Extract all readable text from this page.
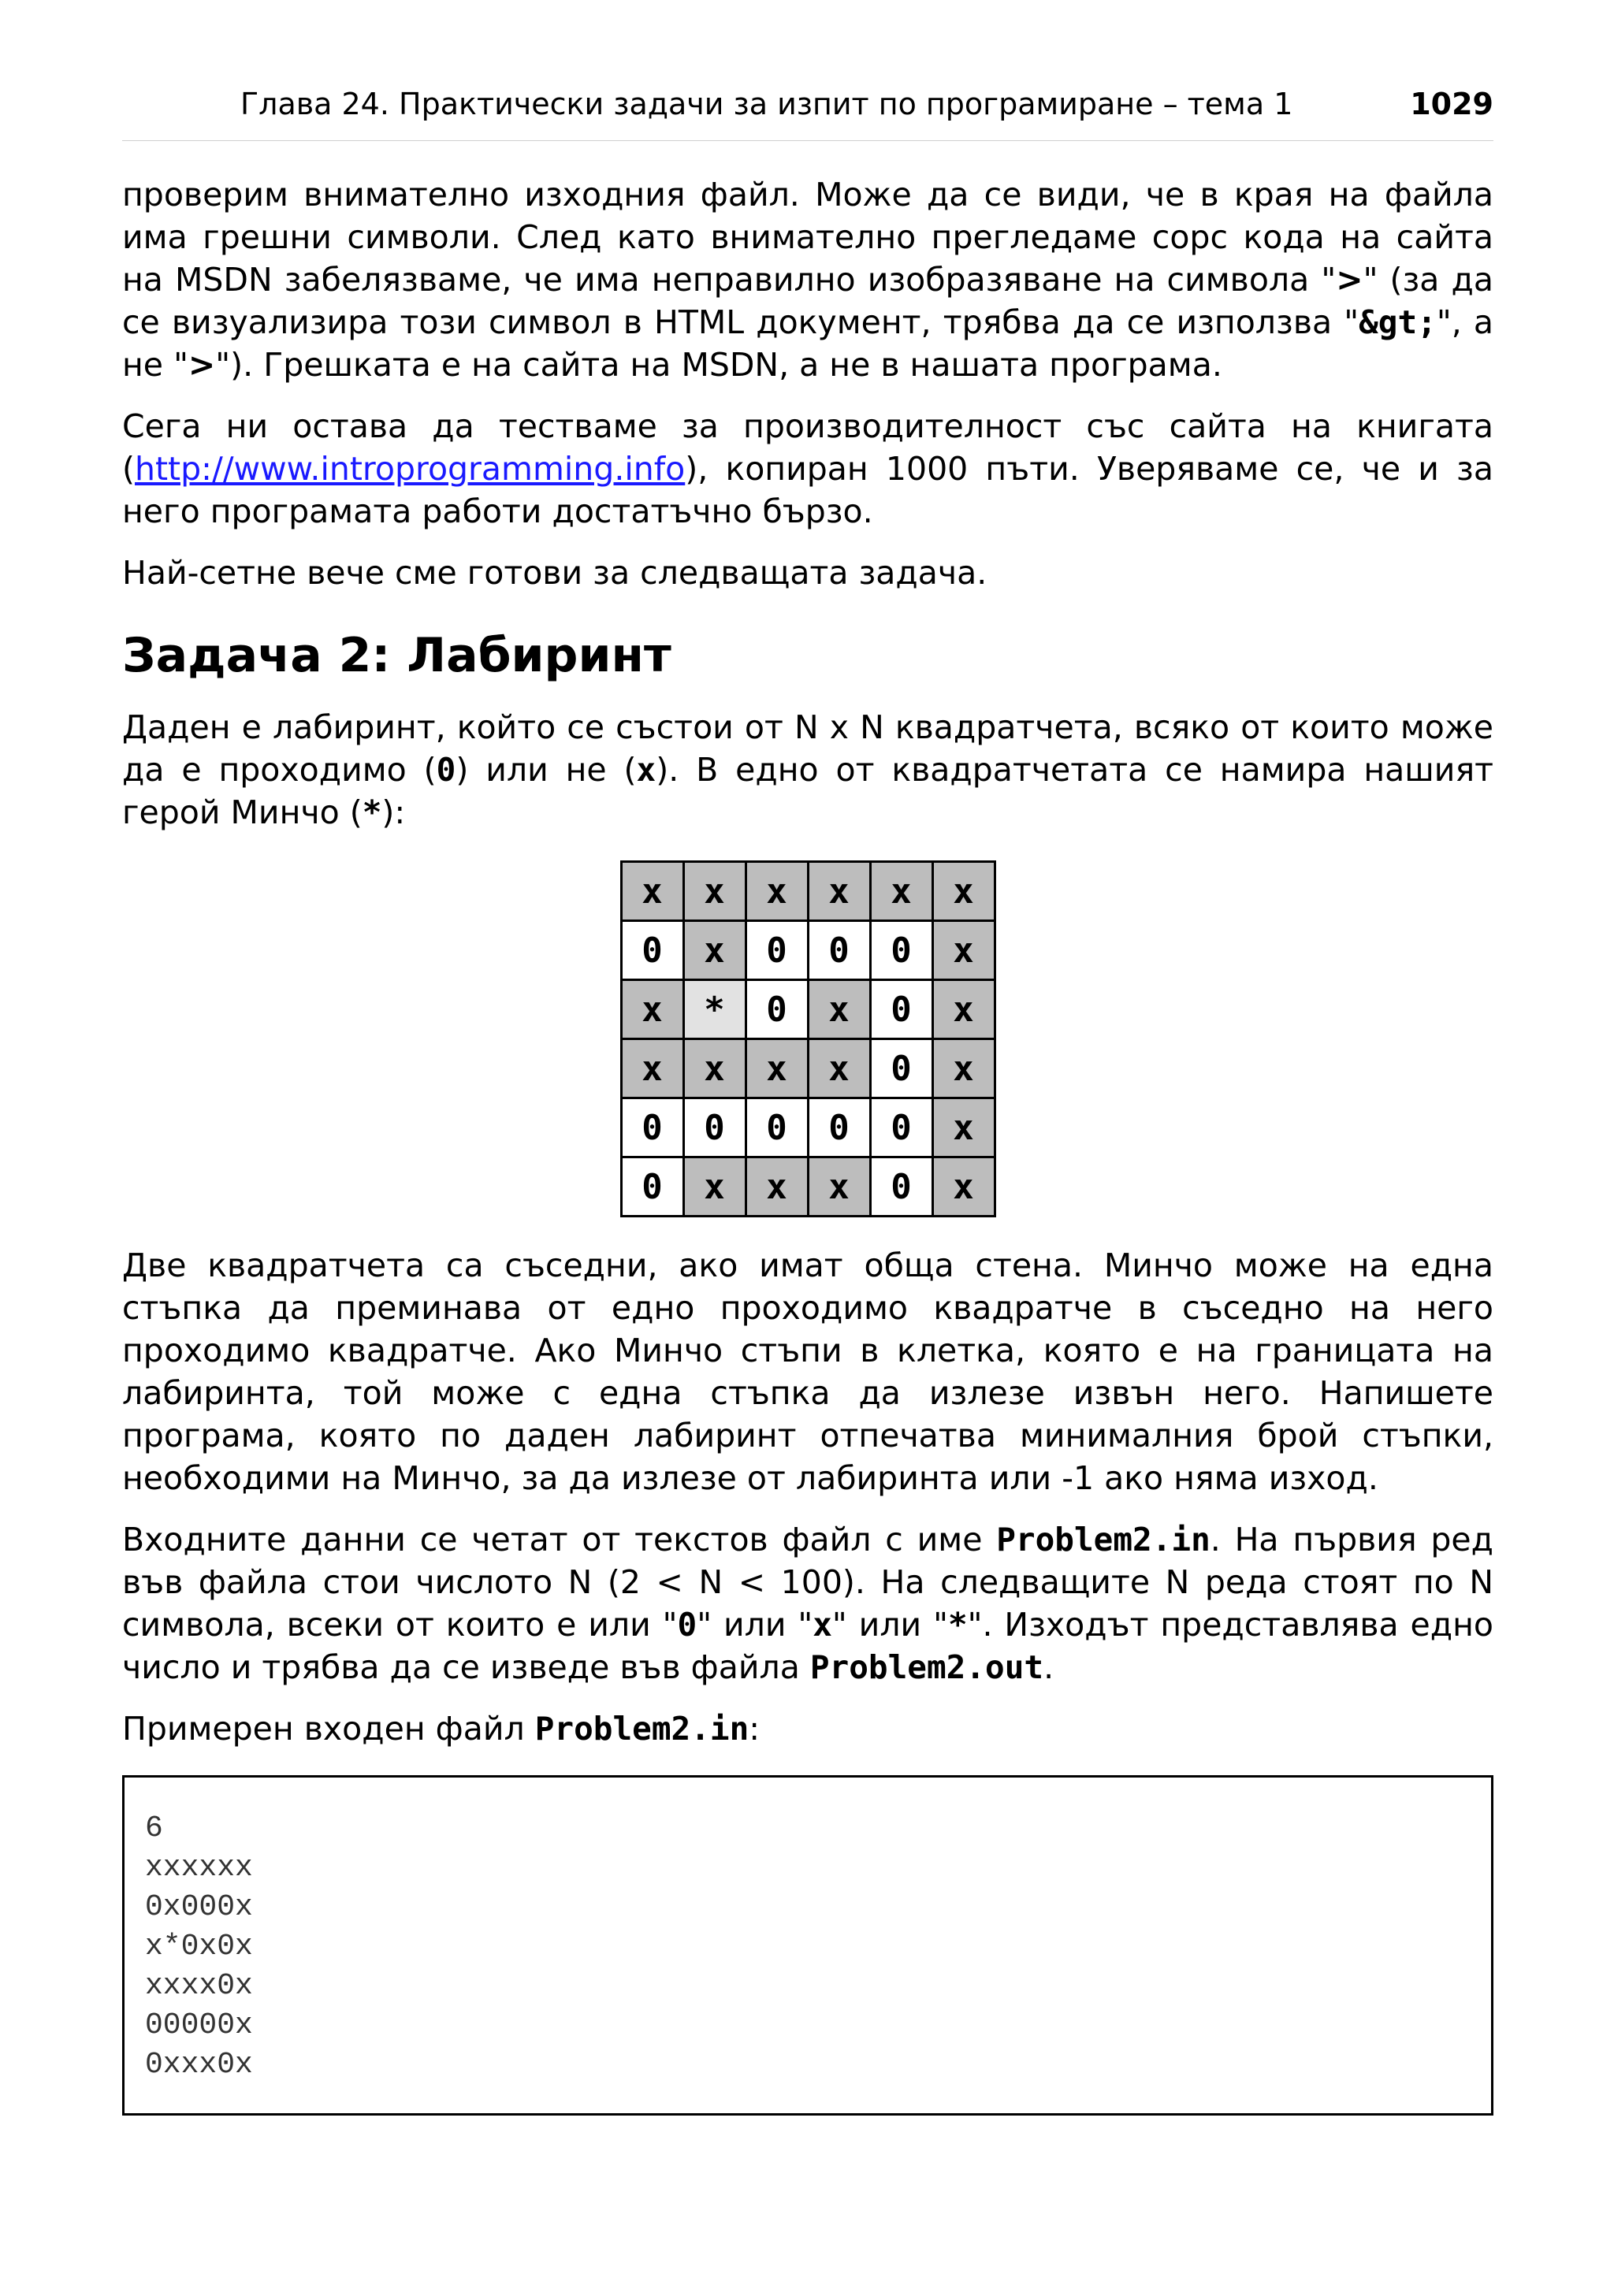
Глава 24. Практически задачи за изпит по програмиране – тема 1	1029

проверим внимателно изходния файл. Може да се види, че в края на файла има грешни символи. След като внимателно прегледаме сорс кода на сайта на MSDN забелязваме, че има неправилно изобразяване на символа ">" (за да се визуализира този символ в HTML документ, трябва да се използва "&gt;", а не ">"). Грешката е на сайта на MSDN, а не в нашата програма.

Сега ни остава да тестваме за производителност със сайта на книгата (http://www.introprogramming.info), копиран 1000 пъти. Уверяваме се, че и за него програмата работи достатъчно бързо.

Най-сетне вече сме готови за следващата задача.

Задача 2: Лабиринт

Даден е лабиринт, който се състои от N x N квадратчета, всяко от които може да е проходимо (0) или не (x). В едно от квадратчетата се намира нашият герой Минчо (*):

x	x	x	x	x	x
0	x	0	0	0	x
x	*	0	x	0	x
x	x	x	x	0	x
0	0	0	0	0	x
0	x	x	x	0	x

Две квадратчета са съседни, ако имат обща стена. Минчо може на една стъпка да преминава от едно проходимо квадратче в съседно на него проходимо квадратче. Ако Минчо стъпи в клетка, която е на границата на лабиринта, той може с една стъпка да излезе извън него. Напишете програма, която по даден лабиринт отпечатва минималния брой стъпки, необходими на Минчо, за да излезе от лабиринта или -1 ако няма изход.

Входните данни се четат от текстов файл с име Problem2.in. На първия ред във файла стои числото N (2 < N < 100). На следващите N реда стоят по N символа, всеки от които е или "0" или "x" или "*". Изходът представлява едно число и трябва да се изведе във файла Problem2.out.

Примерен входен файл Problem2.in:

6
xxxxxx
0x000x
x*0x0x
xxxx0x
00000x
0xxx0x
